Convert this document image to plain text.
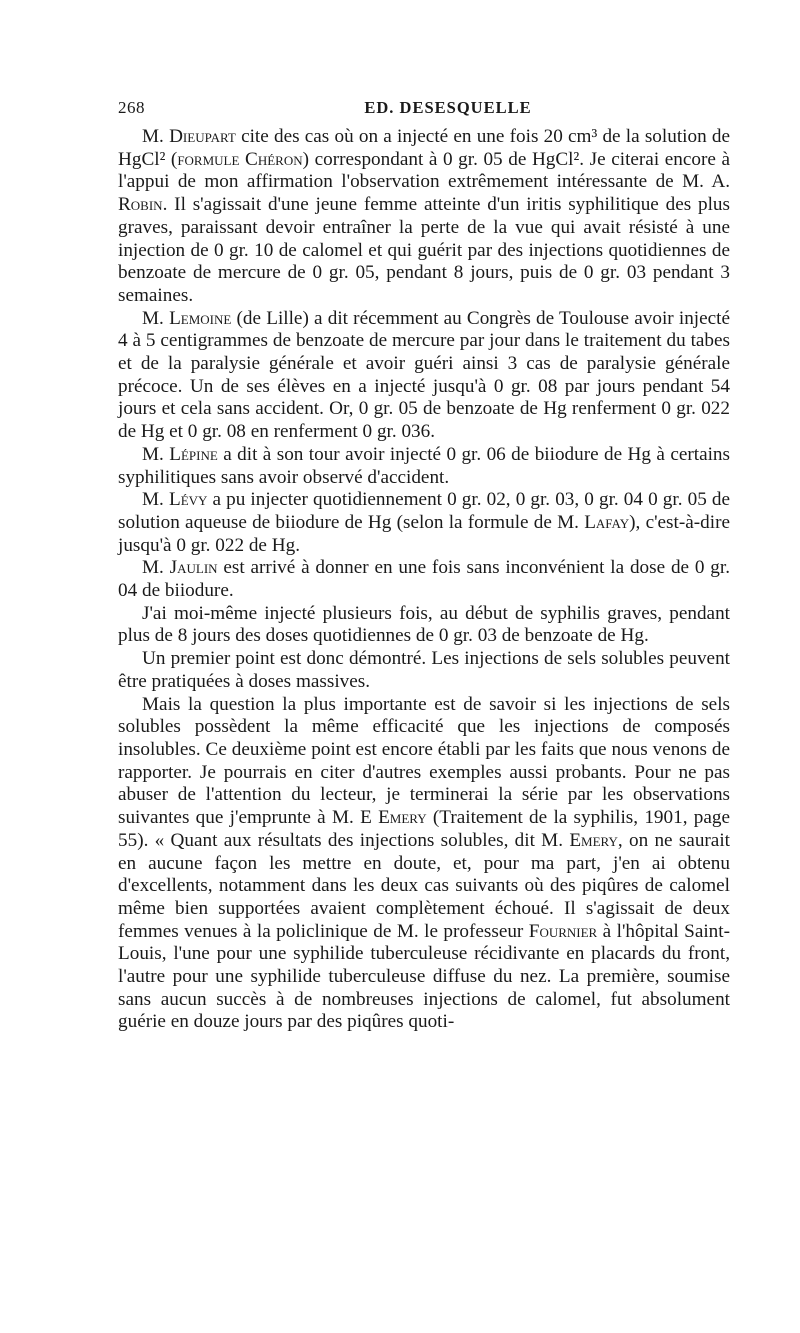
268	ED. DESESQUELLE

M. Dieupart cite des cas où on a injecté en une fois 20 cm³ de la solution de HgCl² (formule Chéron) correspondant à 0 gr. 05 de HgCl². Je citerai encore à l'appui de mon affirmation l'observation extrêmement intéressante de M. A. Robin. Il s'agissait d'une jeune femme atteinte d'un iritis syphilitique des plus graves, paraissant devoir entraîner la perte de la vue qui avait résisté à une injection de 0 gr. 10 de calomel et qui guérit par des injections quotidiennes de benzoate de mercure de 0 gr. 05, pendant 8 jours, puis de 0 gr. 03 pendant 3 semaines.

M. Lemoine (de Lille) a dit récemment au Congrès de Toulouse avoir injecté 4 à 5 centigrammes de benzoate de mercure par jour dans le traitement du tabes et de la paralysie générale et avoir guéri ainsi 3 cas de paralysie générale précoce. Un de ses élèves en a injecté jusqu'à 0 gr. 08 par jours pendant 54 jours et cela sans accident. Or, 0 gr. 05 de benzoate de Hg renferment 0 gr. 022 de Hg et 0 gr. 08 en renferment 0 gr. 036.

M. Lépine a dit à son tour avoir injecté 0 gr. 06 de biiodure de Hg à certains syphilitiques sans avoir observé d'accident.

M. Lévy a pu injecter quotidiennement 0 gr. 02, 0 gr. 03, 0 gr. 04 0 gr. 05 de solution aqueuse de biiodure de Hg (selon la formule de M. Lafay), c'est-à-dire jusqu'à 0 gr. 022 de Hg.

M. Jaulin est arrivé à donner en une fois sans inconvénient la dose de 0 gr. 04 de biiodure.

J'ai moi-même injecté plusieurs fois, au début de syphilis graves, pendant plus de 8 jours des doses quotidiennes de 0 gr. 03 de benzoate de Hg.

Un premier point est donc démontré. Les injections de sels solubles peuvent être pratiquées à doses massives.

Mais la question la plus importante est de savoir si les injections de sels solubles possèdent la même efficacité que les injections de composés insolubles. Ce deuxième point est encore établi par les faits que nous venons de rapporter. Je pourrais en citer d'autres exemples aussi probants. Pour ne pas abuser de l'attention du lecteur, je terminerai la série par les observations suivantes que j'emprunte à M. E Emery (Traitement de la syphilis, 1901, page 55). « Quant aux résultats des injections solubles, dit M. Emery, on ne saurait en aucune façon les mettre en doute, et, pour ma part, j'en ai obtenu d'excellents, notamment dans les deux cas suivants où des piqûres de calomel même bien supportées avaient complètement échoué. Il s'agissait de deux femmes venues à la policlinique de M. le professeur Fournier à l'hôpital Saint-Louis, l'une pour une syphilide tuberculeuse récidivante en placards du front, l'autre pour une syphilide tuberculeuse diffuse du nez. La première, soumise sans aucun succès à de nombreuses injections de calomel, fut absolument guérie en douze jours par des piqûres quoti-
